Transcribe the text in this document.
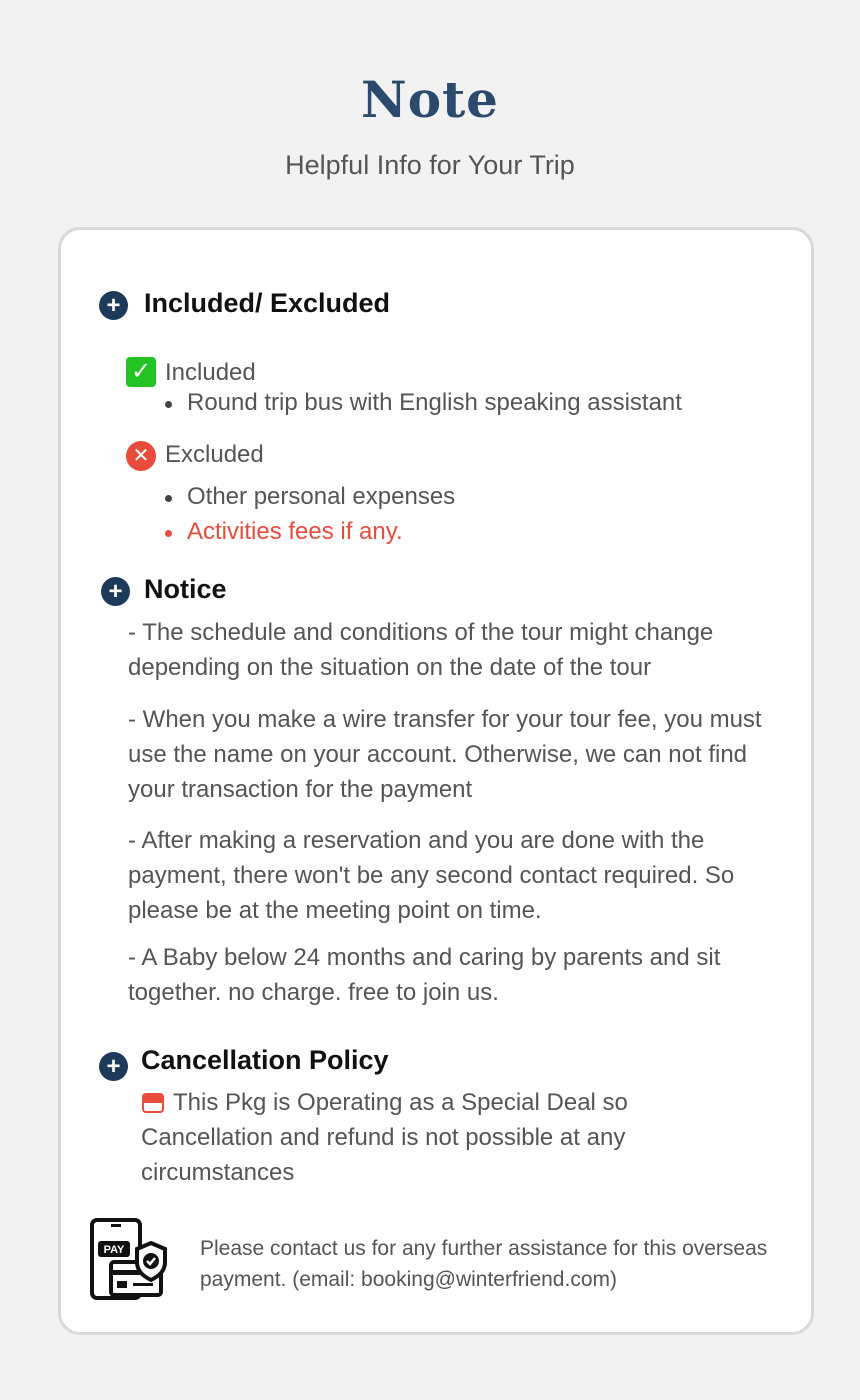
Note
Helpful Info for Your Trip
+ Included/ Excluded
✓ Included
Round trip bus with English speaking assistant
✕ Excluded
Other personal expenses
Activities fees if any.
+ Notice
- The schedule and conditions of the tour might change depending on the situation on the date of the tour
- When you make a wire transfer for your tour fee, you must use the name on your account. Otherwise, we can not find your transaction for the payment
- After making a reservation and you are done with the payment, there won't be any second contact required. So please be at the meeting point on time.
- A Baby below 24 months and caring by parents and sit together. no charge. free to join us.
+ Cancellation Policy
This Pkg is Operating as a Special Deal so Cancellation and refund is not possible at any circumstances
PAY	Please contact us for any further assistance for this overseas payment. (email: booking@winterfriend.com)
